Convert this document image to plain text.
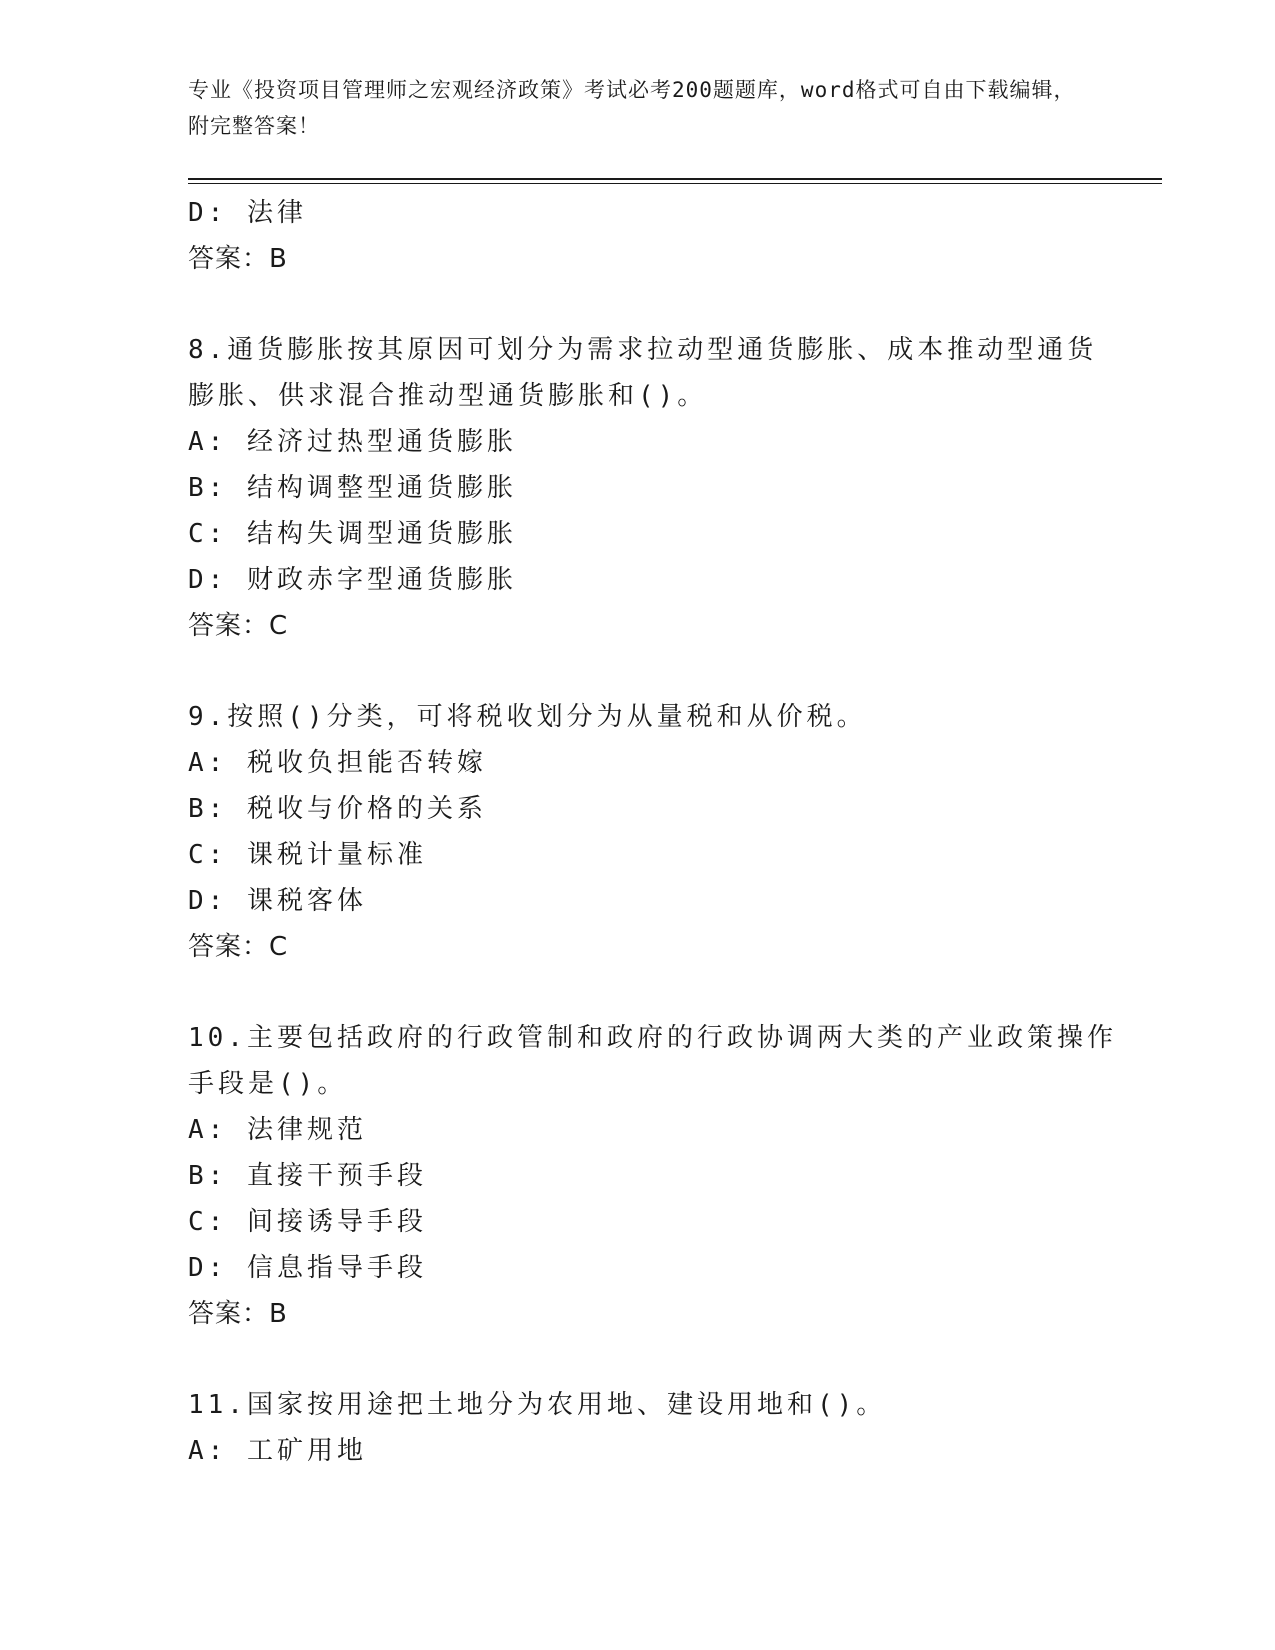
专业《投资项目管理师之宏观经济政策》考试必考200题题库，word格式可自由下载编辑，附完整答案！
D: 法律
答案：B
8.通货膨胀按其原因可划分为需求拉动型通货膨胀、成本推动型通货
膨胀、供求混合推动型通货膨胀和()。
A: 经济过热型通货膨胀
B: 结构调整型通货膨胀
C: 结构失调型通货膨胀
D: 财政赤字型通货膨胀
答案：C
9.按照()分类，可将税收划分为从量税和从价税。
A: 税收负担能否转嫁
B: 税收与价格的关系
C: 课税计量标准
D: 课税客体
答案：C
10.主要包括政府的行政管制和政府的行政协调两大类的产业政策操作
手段是()。
A: 法律规范
B: 直接干预手段
C: 间接诱导手段
D: 信息指导手段
答案：B
11.国家按用途把土地分为农用地、建设用地和()。
A: 工矿用地
